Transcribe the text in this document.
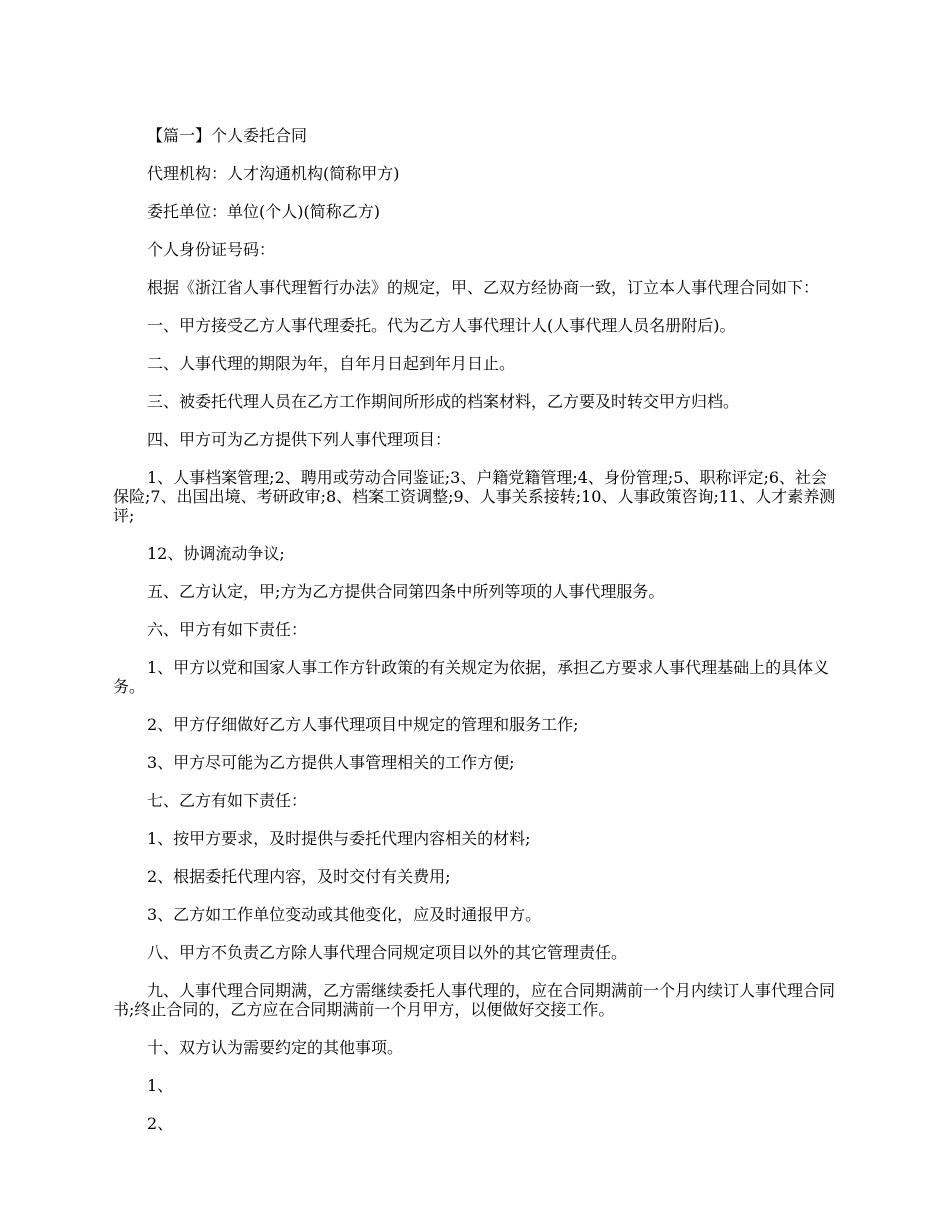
【篇一】个人委托合同

代理机构：人才沟通机构(简称甲方)

委托单位：单位(个人)(简称乙方)

个人身份证号码：

根据《浙江省人事代理暂行办法》的规定，甲、乙双方经协商一致，订立本人事代理合同如下：

一、甲方接受乙方人事代理委托。代为乙方人事代理计人(人事代理人员名册附后)。

二、人事代理的期限为年，自年月日起到年月日止。

三、被委托代理人员在乙方工作期间所形成的档案材料，乙方要及时转交甲方归档。

四、甲方可为乙方提供下列人事代理项目：

1、人事档案管理;2、聘用或劳动合同鉴证;3、户籍党籍管理;4、身份管理;5、职称评定;6、社会保险;7、出国出境、考研政审;8、档案工资调整;9、人事关系接转;10、人事政策咨询;11、人才素养测评;

12、协调流动争议;

五、乙方认定，甲;方为乙方提供合同第四条中所列等项的人事代理服务。

六、甲方有如下责任：

1、甲方以党和国家人事工作方针政策的有关规定为依据，承担乙方要求人事代理基础上的具体义务。

2、甲方仔细做好乙方人事代理项目中规定的管理和服务工作;

3、甲方尽可能为乙方提供人事管理相关的工作方便;

七、乙方有如下责任：

1、按甲方要求，及时提供与委托代理内容相关的材料;

2、根据委托代理内容，及时交付有关费用;

3、乙方如工作单位变动或其他变化，应及时通报甲方。

八、甲方不负责乙方除人事代理合同规定项目以外的其它管理责任。

九、人事代理合同期满，乙方需继续委托人事代理的，应在合同期满前一个月内续订人事代理合同书;终止合同的，乙方应在合同期满前一个月甲方，以便做好交接工作。

十、双方认为需要约定的其他事项。

1、

2、
